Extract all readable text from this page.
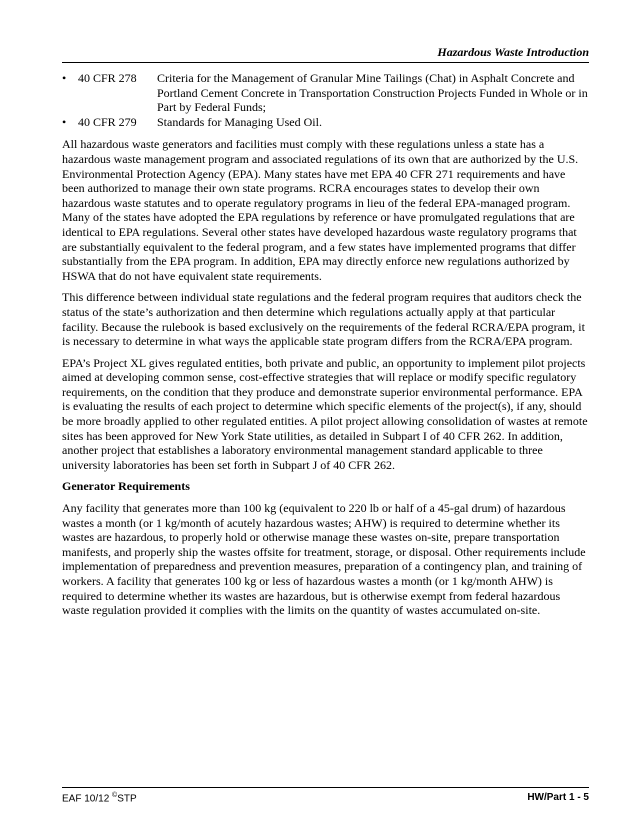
Hazardous Waste Introduction
• 40 CFR 278	Criteria for the Management of Granular Mine Tailings (Chat) in Asphalt Concrete and Portland Cement Concrete in Transportation Construction Projects Funded in Whole or in Part by Federal Funds;
• 40 CFR 279	Standards for Managing Used Oil.

All hazardous waste generators and facilities must comply with these regulations unless a state has a hazardous waste management program and associated regulations of its own that are authorized by the U.S. Environmental Protection Agency (EPA). Many states have met EPA 40 CFR 271 requirements and have been authorized to manage their own state programs. RCRA encourages states to develop their own hazardous waste statutes and to operate regulatory programs in lieu of the federal EPA-managed program. Many of the states have adopted the EPA regulations by reference or have promulgated regulations that are identical to EPA regulations. Several other states have developed hazardous waste regulatory programs that are substantially equivalent to the federal program, and a few states have implemented programs that differ substantially from the EPA program. In addition, EPA may directly enforce new regulations authorized by HSWA that do not have equivalent state requirements.

This difference between individual state regulations and the federal program requires that auditors check the status of the state’s authorization and then determine which regulations actually apply at that particular facility. Because the rulebook is based exclusively on the requirements of the federal RCRA/EPA program, it is necessary to determine in what ways the applicable state program differs from the RCRA/EPA program.

EPA’s Project XL gives regulated entities, both private and public, an opportunity to implement pilot projects aimed at developing common sense, cost-effective strategies that will replace or modify specific regulatory requirements, on the condition that they produce and demonstrate superior environmental performance. EPA is evaluating the results of each project to determine which specific elements of the project(s), if any, should be more broadly applied to other regulated entities. A pilot project allowing consolidation of wastes at remote sites has been approved for New York State utilities, as detailed in Subpart I of 40 CFR 262. In addition, another project that establishes a laboratory environmental management standard applicable to three university laboratories has been set forth in Subpart J of 40 CFR 262.

Generator Requirements

Any facility that generates more than 100 kg (equivalent to 220 lb or half of a 45-gal drum) of hazardous wastes a month (or 1 kg/month of acutely hazardous wastes; AHW) is required to determine whether its wastes are hazardous, to properly hold or otherwise manage these wastes on-site, prepare transportation manifests, and properly ship the wastes offsite for treatment, storage, or disposal. Other requirements include implementation of preparedness and prevention measures, preparation of a contingency plan, and training of workers. A facility that generates 100 kg or less of hazardous wastes a month (or 1 kg/month AHW) is required to determine whether its wastes are hazardous, but is otherwise exempt from federal hazardous waste regulation provided it complies with the limits on the quantity of wastes accumulated on-site.

EAF 10/12 ©STP	HW/Part 1 - 5
